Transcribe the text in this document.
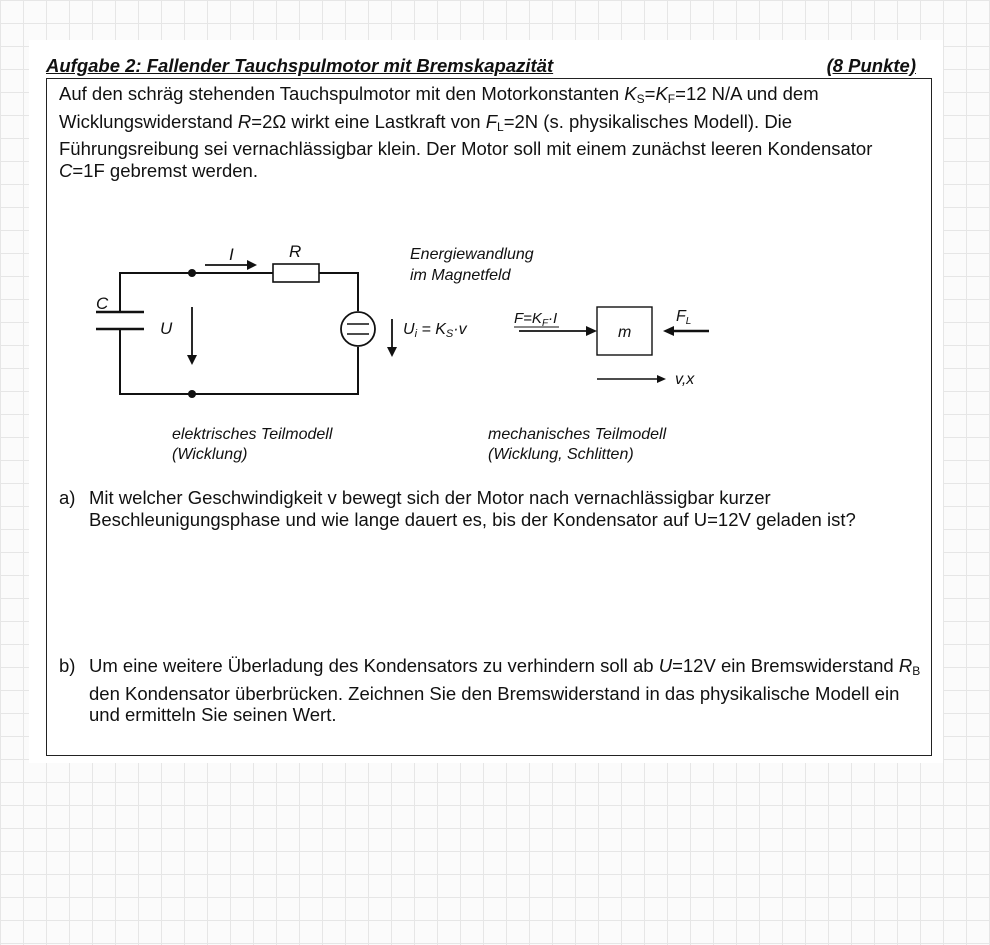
Aufgabe 2: Fallender Tauchspulmotor mit Bremskapazität	(8 Punkte)
Auf den schräg stehenden Tauchspulmotor mit den Motorkonstanten $K_S=K_F=12$ N/A und dem Wicklungswiderstand R=2Ω wirkt eine Lastkraft von $F_L=2N$ (s. physikalisches Modell). Die Führungsreibung sei vernachlässigbar klein. Der Motor soll mit einem zunächst leeren Kondensator C=1F gebremst werden.
I	R
C
U	Ui = KS·v
Energiewandlung
im Magnetfeld
$F=K_F\cdot I$
m
FL
v,x
elektrisches Teilmodell
(Wicklung)
mechanisches Teilmodell
(Wicklung, Schlitten)
a) Mit welcher Geschwindigkeit v bewegt sich der Motor nach vernachlässigbar kurzer Beschleunigungsphase und wie lange dauert es, bis der Kondensator auf U=12V geladen ist?
b) Um eine weitere Überladung des Kondensators zu verhindern soll ab U=12V ein Bremswiderstand $R_B$ den Kondensator überbrücken. Zeichnen Sie den Bremswiderstand in das physikalische Modell ein und ermitteln Sie seinen Wert.
